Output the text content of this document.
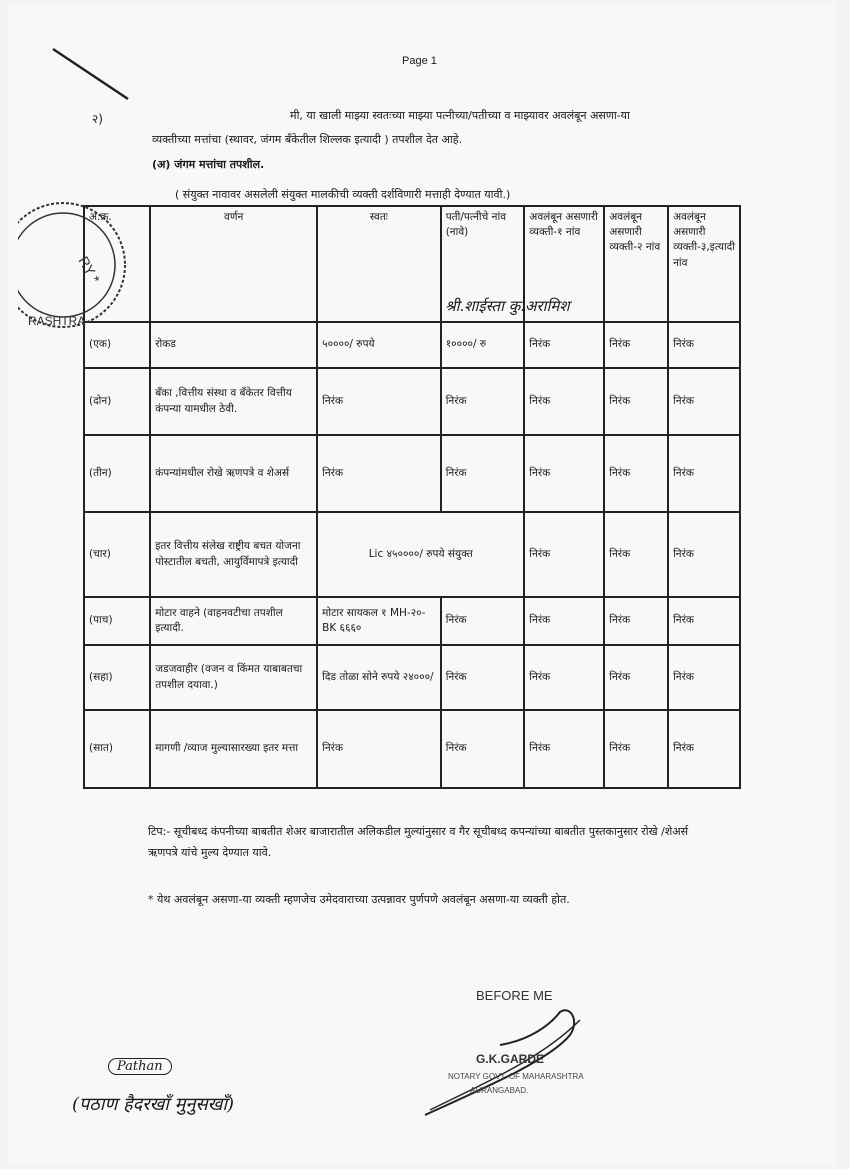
Page 1
२)	मी, या खाली माझ्या स्वतःच्या माझ्या पत्नीच्या/पतीच्या व माझ्यावर अवलंबून असणा-या
व्यक्तीच्या मत्तांचा (स्थावर, जंगम बँकेतील शिल्लक इत्यादी ) तपशील देत आहे.
(अ) जंगम मत्तांचा तपशील.
( संयुक्त नावावर असलेली संयुक्त मालकीची व्यक्ती दर्शविणारी मत्ताही देण्यात यावी.)
अ.क्र.	वर्णन	स्वतः	पती/पत्नीचे नांव (नावे)	अवलंबून असणारी व्यक्ती-१ नांव	अवलंबून असणारी व्यक्ती-२ नांव	अवलंबून असणारी व्यक्ती-३,इत्यादी नांव
(एक)	रोकड	५००००/ रुपये	१००००/ रु	निरंक	निरंक	निरंक
(दोन)	बँका ,वित्तीय संस्था व बँकेतर वित्तीय कंपन्या यामधील ठेवी.	निरंक	निरंक	निरंक	निरंक	निरंक
(तीन)	कंपन्यांमधील रोखे ऋणपत्रे व शेअर्स	निरंक	निरंक	निरंक	निरंक	निरंक
(चार)	इतर वित्तीय संलेख राष्ट्रीय बचत योजना पोस्टातील बचती, आयुर्विमापत्रे इत्यादी	Lic ४५००००/ रुपये संयुक्त		निरंक	निरंक	निरंक
(पाच)	मोटार वाहने (वाहनवटीचा तपशील इत्यादी.	मोटार सायकल १ MH-२०-BK ६६६०	निरंक	निरंक	निरंक	निरंक
(सहा)	जडजवाहीर (वजन व किंमत याबाबतचा तपशील दयावा.)	दिड तोळा सोने रुपये २४०००/	निरंक	निरंक	निरंक	निरंक
(सात)	मागणी /व्याज मुल्यासारख्या इतर मत्ता	निरंक	निरंक	निरंक	निरंक	निरंक
श्री.शाईस्ता कु.अरामिश
RY *
RASHTRA
टिप:- सूचीबध्द कंपनीच्या बाबतीत शेअर बाजारातील अलिकडील मुल्यांनुसार व गैर सूचीबध्द कपन्यांच्या बाबतीत पुस्तकानुसार रोखे /शेअर्स ऋणपत्रे यांचे मुल्य देण्यात यावे.
* येथ अवलंबून असणा-या व्यक्ती म्हणजेच उमेदवाराच्या उत्पन्नावर पुर्णपणे अवलंबून असणा-या व्यक्ती होत.
BEFORE ME
G.K.GARDE
NOTARY GOVT. OF MAHARASHTRA
AURANGABAD.
Pathan
(पठाण हैदरखाँ मुनुसखाँ)
